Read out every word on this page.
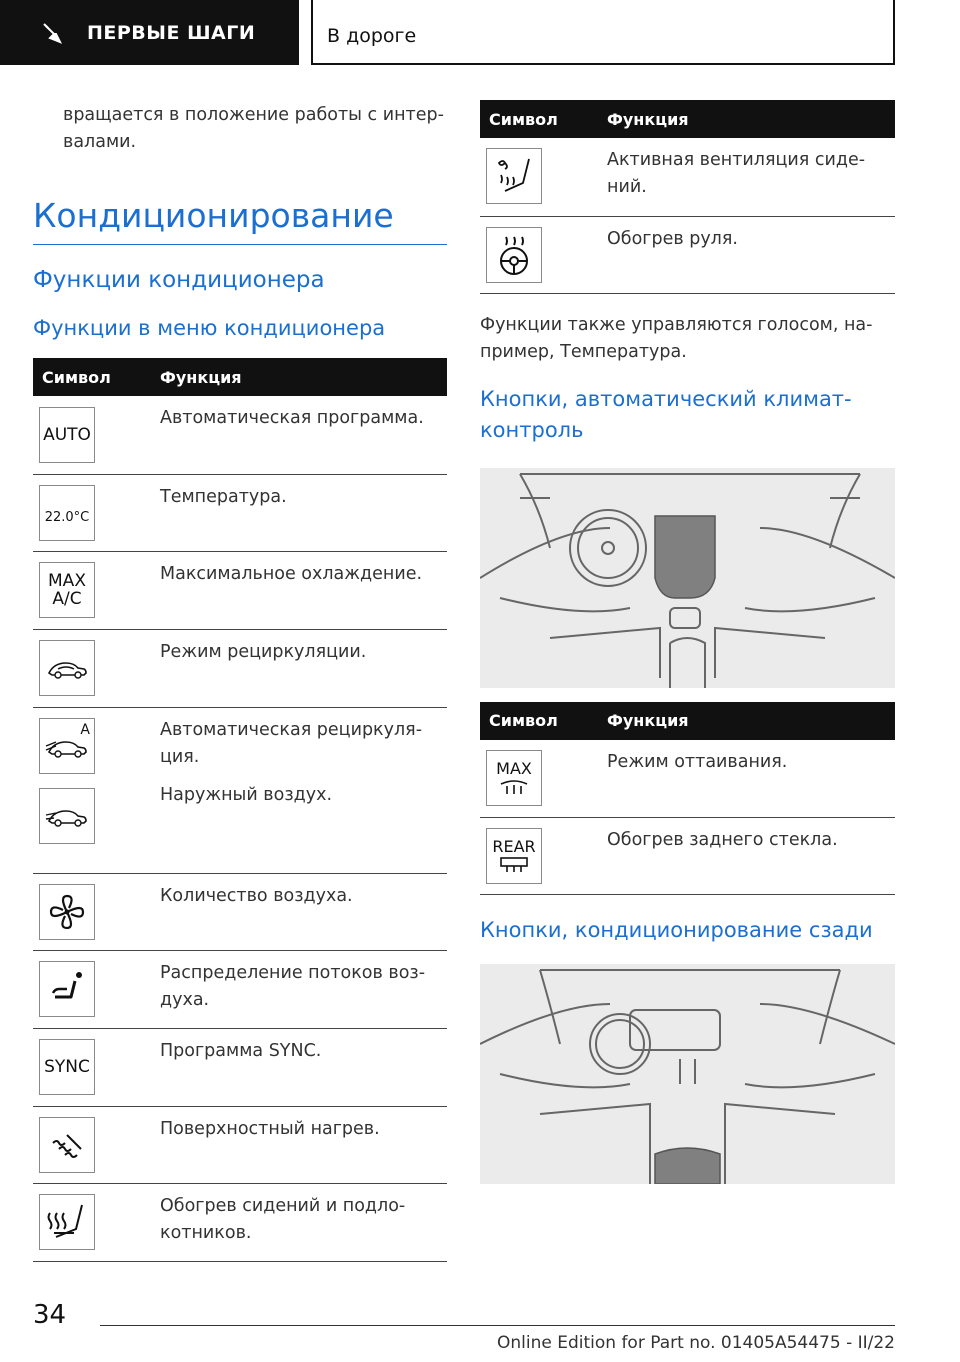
ПЕРВЫЕ ШАГИ	В дороге

вращается в положение работы с интер- валами.

Кондиционирование
Функции кондиционера
Функции в меню кондиционера
Символ	Функция

AUTO	Автоматическая программа.

22.0°C	Температура.

MAX
A/C	Максимальное охлаждение.

	Режим рециркуляции.

A	Автоматическая рециркуля- ция.

	Наружный воздух.

	Количество воздуха.

	Распределение потоков воз- духа.

SYNC	Программа SYNC.

	Поверхностный нагрев.

	Обогрев сидений и подло- котников.
Символ	Функция

	Активная вентиляция сиде- ний.

	Обогрев руля.

Функции также управляются голосом, на- пример, Температура.

Кнопки, автоматический климат- контроль
Символ	Функция

MAX	Режим оттаивания.

REAR	Обогрев заднего стекла.
Кнопки, кондиционирование сзади
34
Online Edition for Part no. 01405A54475 - II/22
